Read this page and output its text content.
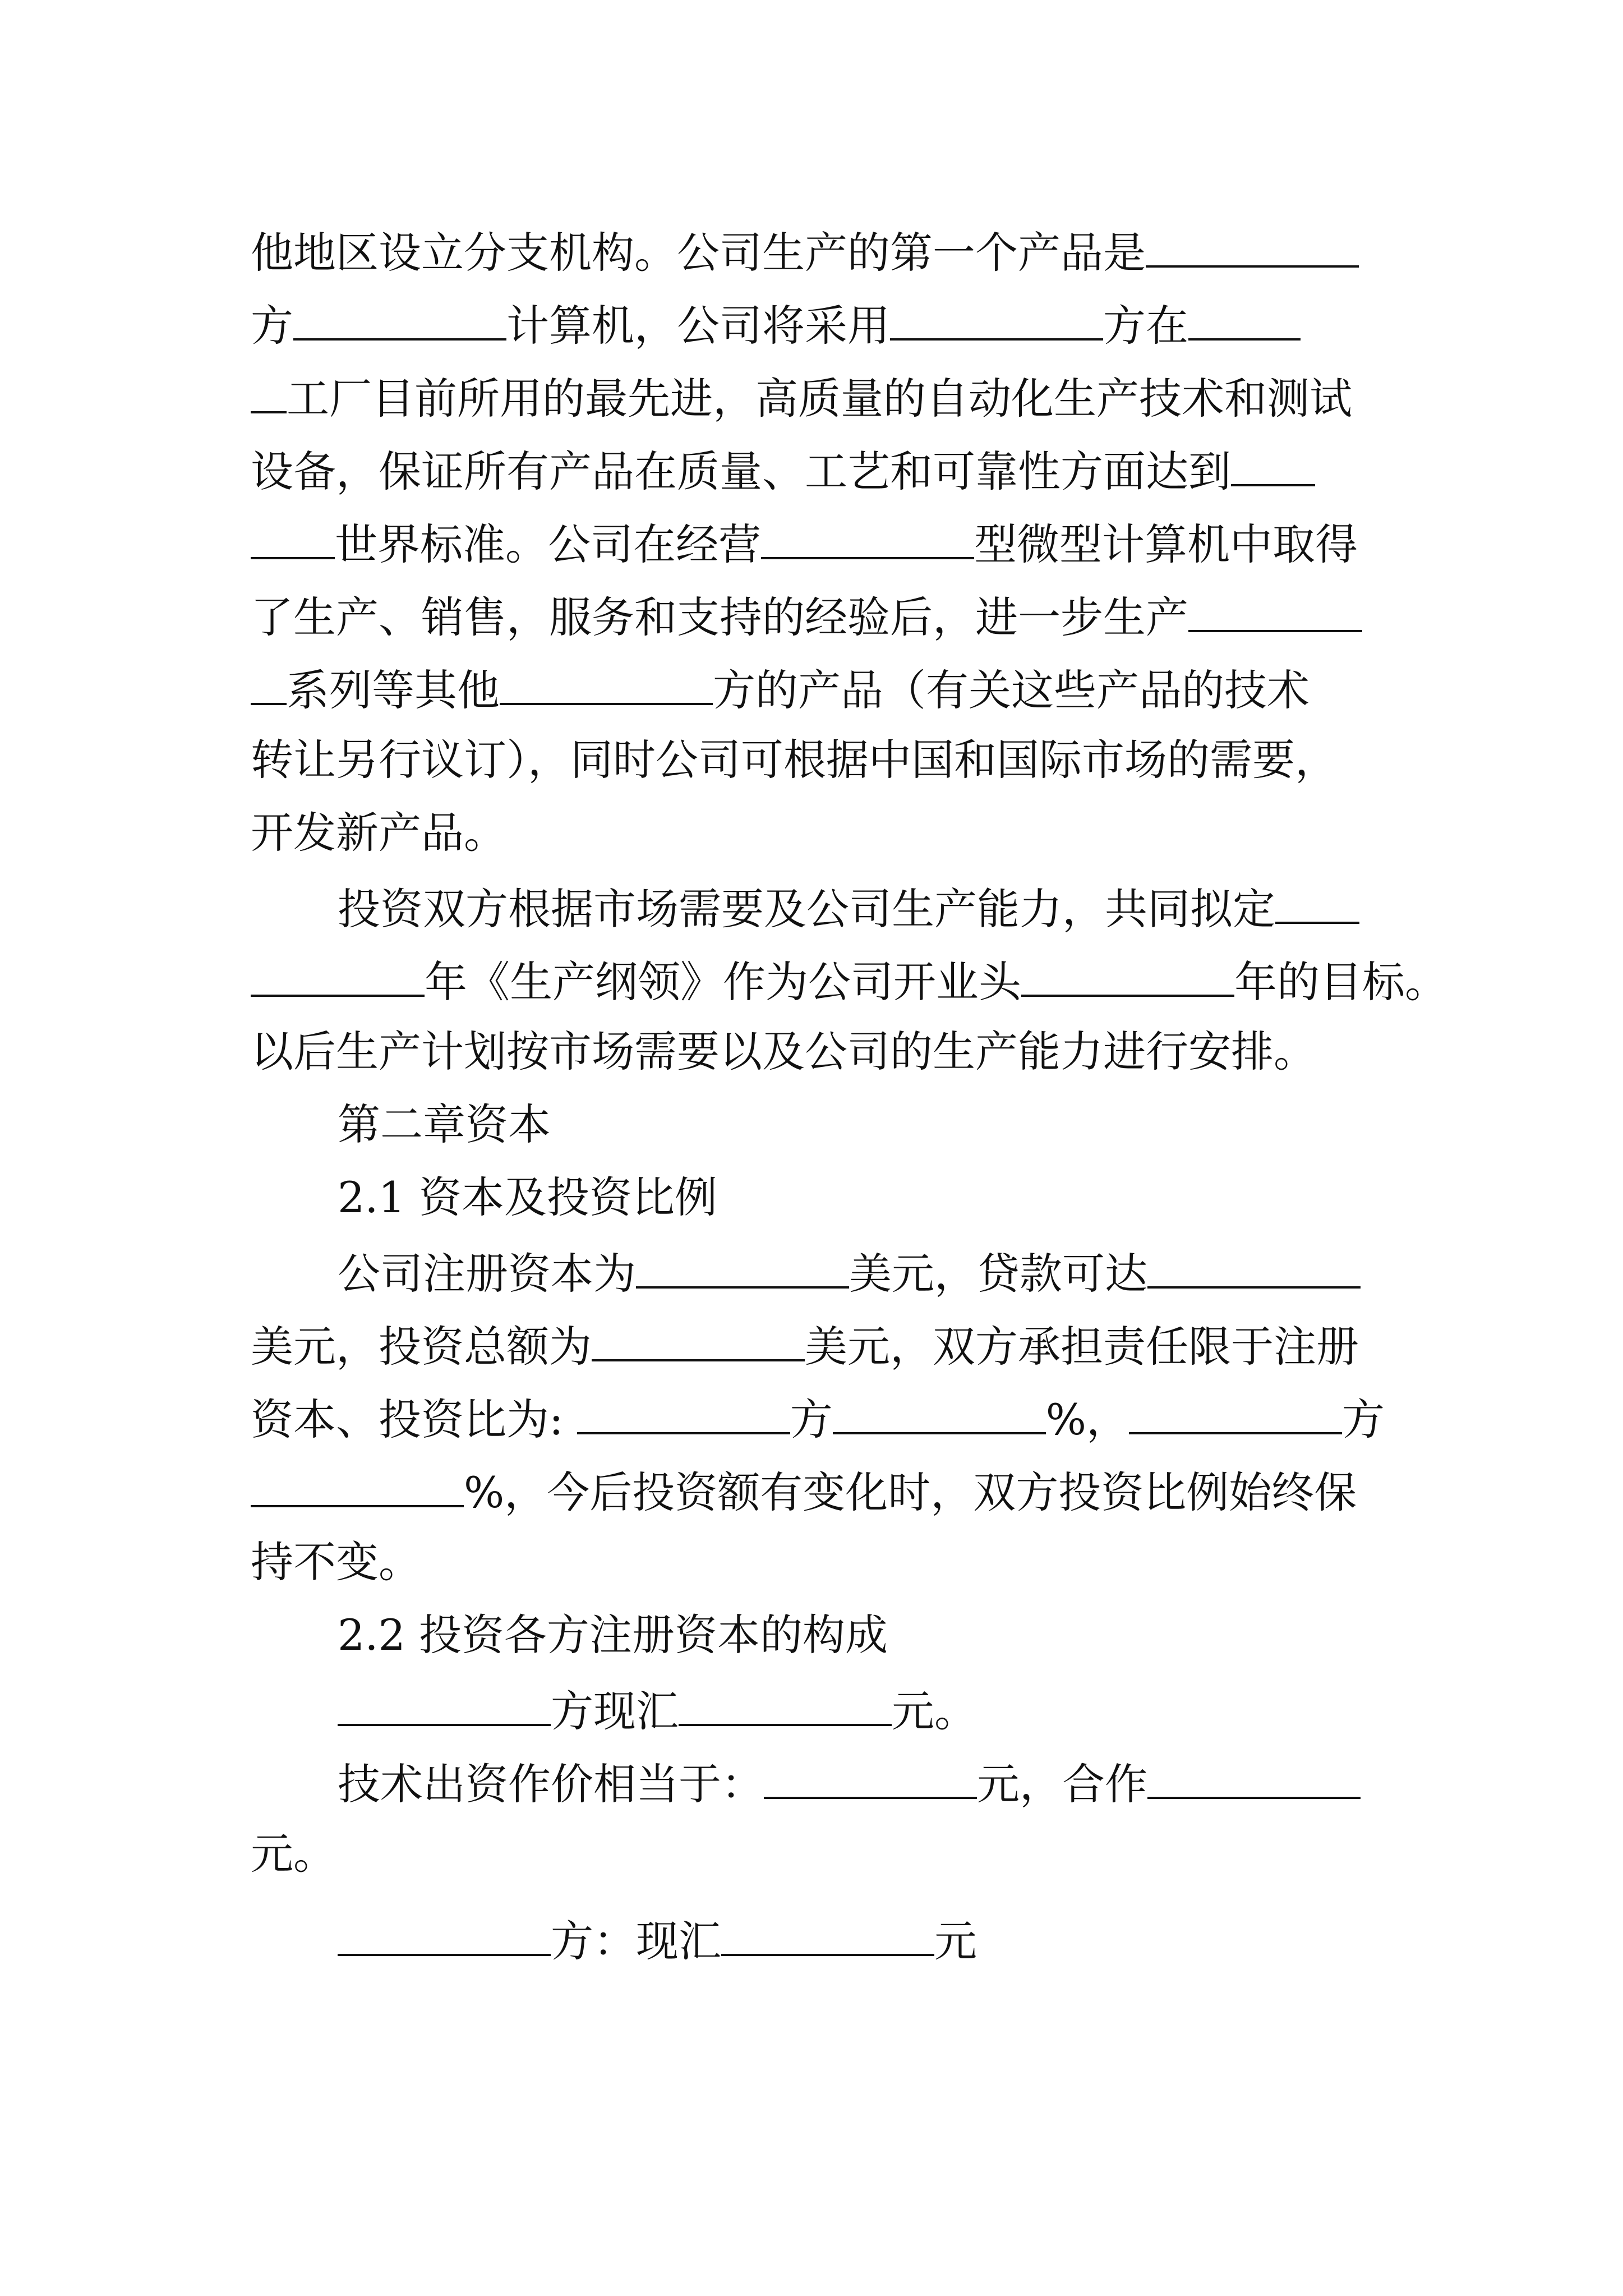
他地区设立分支机构。公司生产的第一个产品是
方	计算机，公司将采用	方在
工厂目前所用的最先进，高质量的自动化生产技术和测试
设备，保证所有产品在质量、工艺和可靠性方面达到
世界标准。公司在经营	型微型计算机中取得
了生产、销售，服务和支持的经验后，进一步生产
系列等其他	方的产品（有关这些产品的技术
转让另行议订），同时公司可根据中国和国际市场的需要，
开发新产品。
投资双方根据市场需要及公司生产能力，共同拟定
年《生产纲领》作为公司开业头	年的目标。
以后生产计划按市场需要以及公司的生产能力进行安排。
第二章资本
2.1 资本及投资比例
公司注册资本为	美元，贷款可达
美元，投资总额为	美元，双方承担责任限于注册
资本、投资比为:	方	%，	方
%，今后投资额有变化时，双方投资比例始终保
持不变。
2.2 投资各方注册资本的构成
方现汇	元。
技术出资作价相当于：	元，合作
元。
方：现汇	元
